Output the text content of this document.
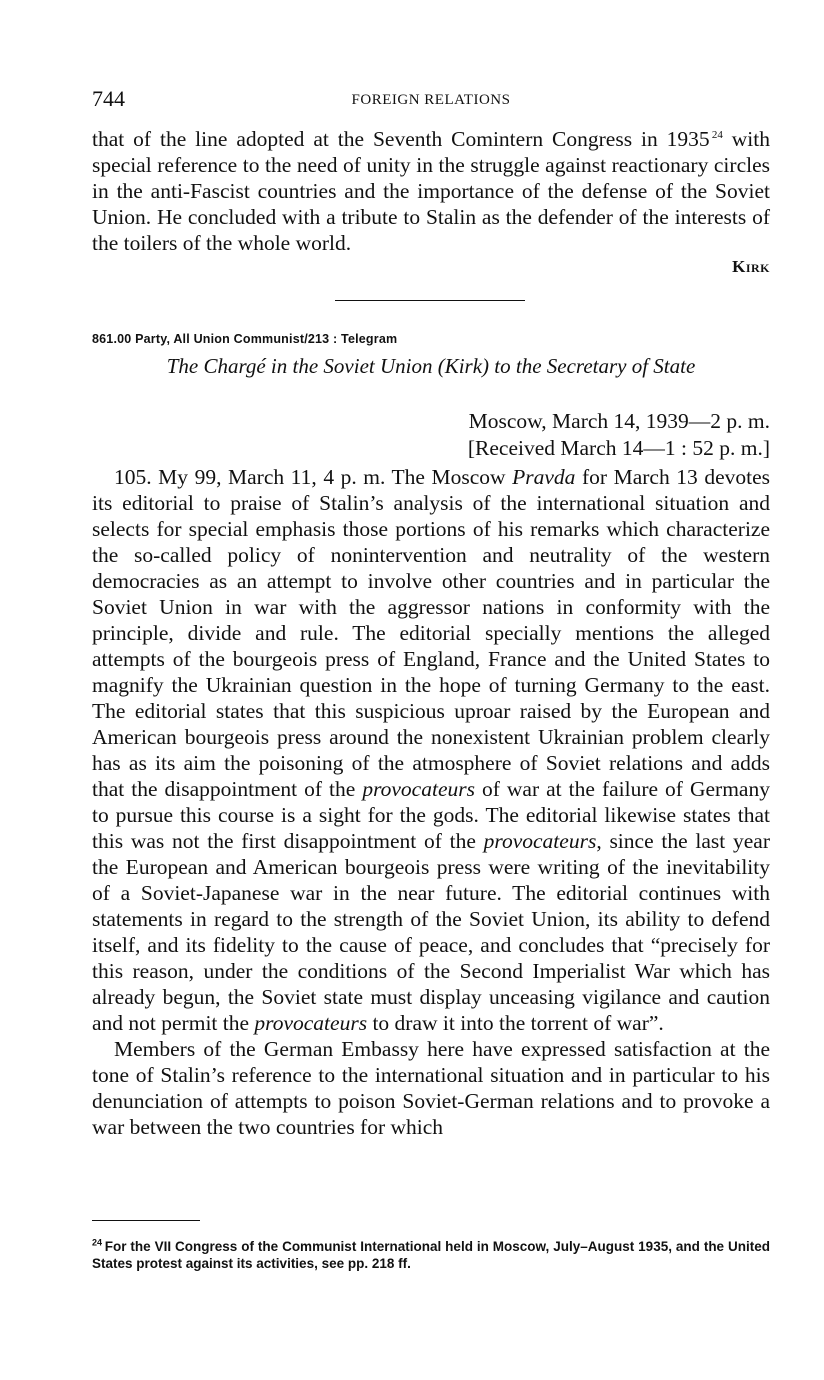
744	FOREIGN RELATIONS

that of the line adopted at the Seventh Comintern Congress in 1935  $^{24}$ with special reference to the need of unity in the struggle against reactionary circles in the anti-Fascist countries and the importance of the defense of the Soviet Union. He concluded with a tribute to Stalin as the defender of the interests of the toilers of the whole world.

Kirk
861.00 Party, All Union Communist/213 : Telegram
The Chargé in the Soviet Union (Kirk) to the Secretary of State
Moscow, March 14, 1939—2 p. m.
[Received March 14—1 : 52 p. m.]

105. My 99, March 11, 4 p. m. The Moscow Pravda for March 13 devotes its editorial to praise of Stalin’s analysis of the international situation and selects for special emphasis those portions of his remarks which characterize the so-called policy of nonintervention and neutrality of the western democracies as an attempt to involve other countries and in particular the Soviet Union in war with the aggressor nations in conformity with the principle, divide and rule. The editorial specially mentions the alleged attempts of the bourgeois press of England, France and the United States to magnify the Ukrainian question in the hope of turning Germany to the east. The editorial states that this suspicious uproar raised by the European and American bourgeois press around the nonexistent Ukrainian problem clearly has as its aim the poisoning of the atmosphere of Soviet relations and adds that the disappointment of the provocateurs of war at the failure of Germany to pursue this course is a sight for the gods. The editorial likewise states that this was not the first disappointment of the provocateurs, since the last year the European and American bourgeois press were writing of the inevitability of a Soviet-Japanese war in the near future. The editorial continues with statements in regard to the strength of the Soviet Union, its ability to defend itself, and its fidelity to the cause of peace, and concludes that “precisely for this reason, under the conditions of the Second Imperialist War which has already begun, the Soviet state must display unceasing vigilance and caution and not permit the provocateurs to draw it into the torrent of war”.

Members of the German Embassy here have expressed satisfaction at the tone of Stalin’s reference to the international situation and in particular to his denunciation of attempts to poison Soviet-German relations and to provoke a war between the two countries for which

$^{24}$  For the VII Congress of the Communist International held in Moscow, July–August 1935, and the United States protest against its activities, see pp. 218 ff.
